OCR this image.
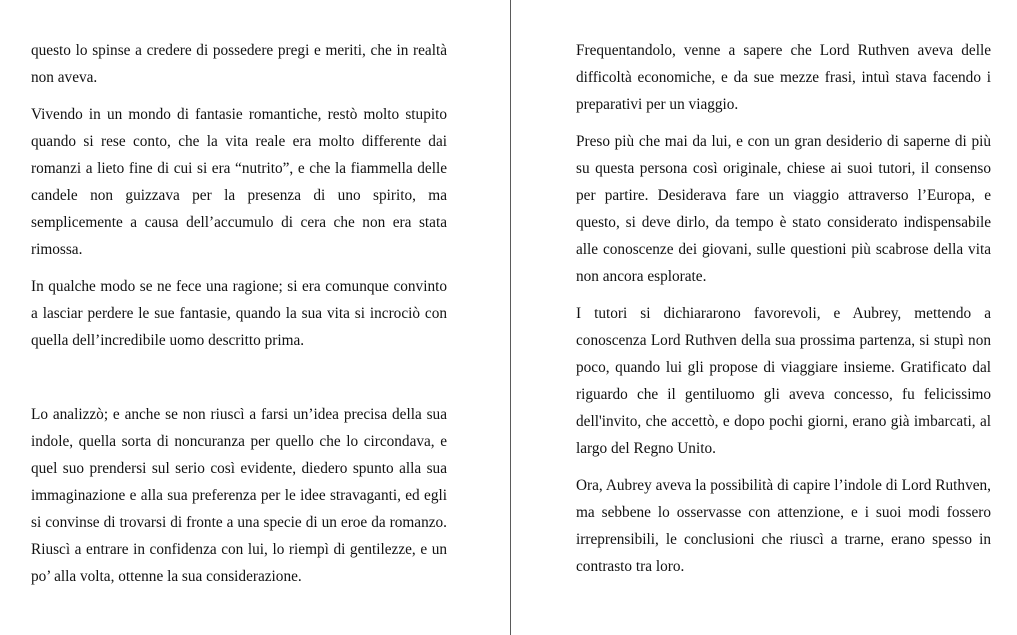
questo lo spinse a credere di possedere pregi e meriti, che in realtà non aveva.

Vivendo in un mondo di fantasie romantiche, restò molto stupito quando si rese conto, che la vita reale era molto differente dai romanzi a lieto fine di cui si era “nutrito”, e che la fiammella delle candele non guizzava per la presenza di uno spirito, ma semplicemente a causa dell’accumulo di cera che non era stata rimossa.

In qualche modo se ne fece una ragione; si era comunque convinto a lasciar perdere le sue fantasie, quando la sua vita si incrociò con quella dell’incredibile uomo descritto prima.

Lo analizzò; e anche se non riuscì a farsi un’idea precisa della sua indole, quella sorta di noncuranza per quello che lo circondava, e quel suo prendersi sul serio così evidente, diedero spunto alla sua immaginazione e alla sua preferenza per le idee stravaganti, ed egli si convinse di trovarsi di fronte a una specie di un eroe da romanzo. Riuscì a entrare in confidenza con lui, lo riempì di gentilezze, e un po’ alla volta, ottenne la sua considerazione.

Frequentandolo, venne a sapere che Lord Ruthven aveva delle difficoltà economiche, e da sue mezze frasi, intuì stava facendo i preparativi per un viaggio.

Preso più che mai da lui, e con un gran desiderio di saperne di più su questa persona così originale, chiese ai suoi tutori, il consenso per partire. Desiderava fare un viaggio attraverso l’Europa, e questo, si deve dirlo, da tempo è stato considerato indispensabile alle conoscenze dei giovani, sulle questioni più scabrose della vita non ancora esplorate.

I tutori si dichiararono favorevoli, e Aubrey, mettendo a conoscenza Lord Ruthven della sua prossima partenza, si stupì non poco, quando lui gli propose di viaggiare insieme. Gratificato dal riguardo che il gentiluomo gli aveva concesso, fu felicissimo dell'invito, che accettò, e dopo pochi giorni, erano già imbarcati, al largo del Regno Unito.

Ora, Aubrey aveva la possibilità di capire l’indole di Lord Ruthven, ma sebbene lo osservasse con attenzione, e i suoi modi fossero irreprensibili, le conclusioni che riuscì a trarne, erano spesso in contrasto tra loro.
